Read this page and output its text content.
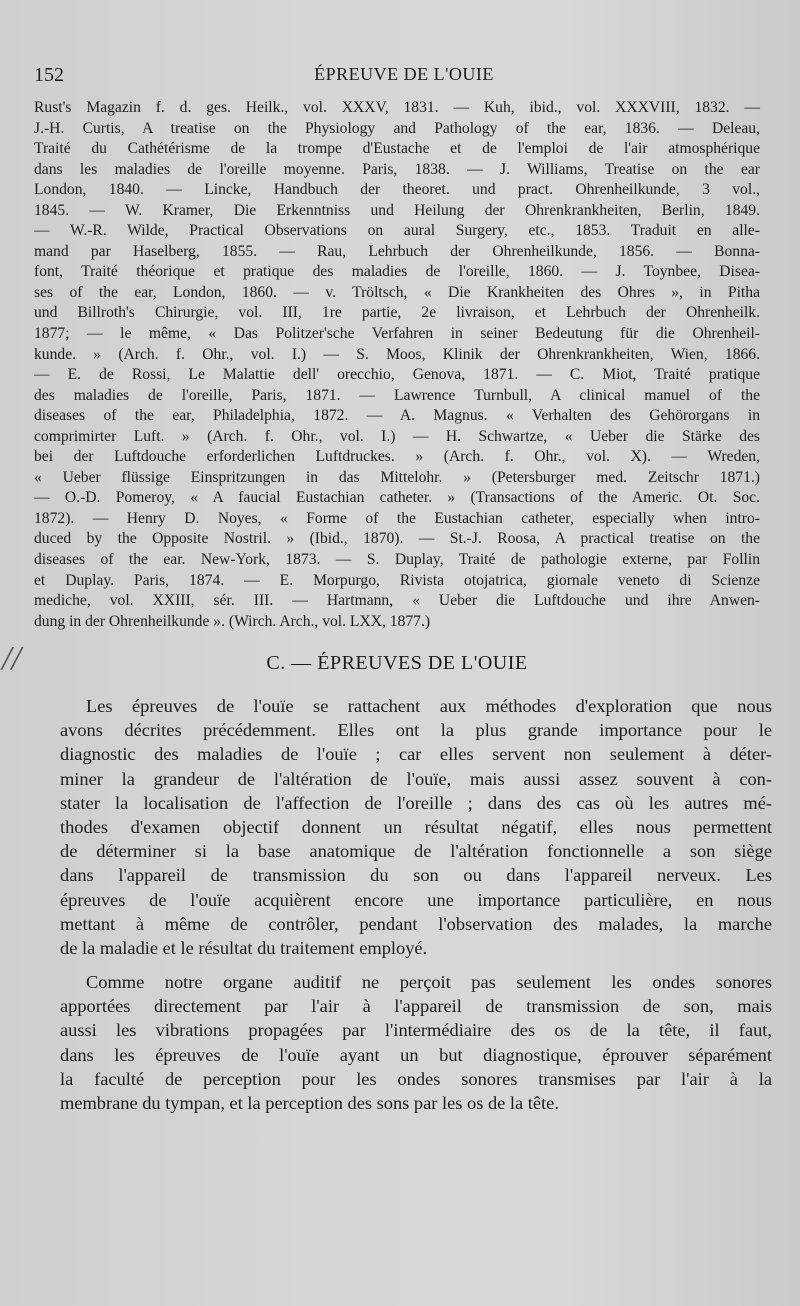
152	ÉPREUVE DE L'OUIE
Rust's Magazin f. d. ges. Heilk., vol. XXXV, 1831. — Kuh, ibid., vol. XXXVIII, 1832. —
J.-H. Curtis, A treatise on the Physiology and Pathology of the ear, 1836. — Deleau,
Traité du Cathétérisme de la trompe d'Eustache et de l'emploi de l'air atmosphérique
dans les maladies de l'oreille moyenne. Paris, 1838. — J. Williams, Treatise on the ear
London, 1840. — Lincke, Handbuch der theoret. und pract. Ohrenheilkunde, 3 vol.,
1845. — W. Kramer, Die Erkenntniss und Heilung der Ohrenkrankheiten, Berlin, 1849.
— W.-R. Wilde, Practical Observations on aural Surgery, etc., 1853. Traduit en alle-
mand par Haselberg, 1855. — Rau, Lehrbuch der Ohrenheilkunde, 1856. — Bonna-
font, Traité théorique et pratique des maladies de l'oreille, 1860. — J. Toynbee, Disea-
ses of the ear, London, 1860. — v. Tröltsch, « Die Krankheiten des Ohres », in Pitha
und Billroth's Chirurgie, vol. III, 1re partie, 2e livraison, et Lehrbuch der Ohrenheilk.
1877; — le même, « Das Politzer'sche Verfahren in seiner Bedeutung für die Ohrenheil-
kunde. » (Arch. f. Ohr., vol. I.) — S. Moos, Klinik der Ohrenkrankheiten, Wien, 1866.
— E. de Rossi, Le Malattie dell' orecchio, Genova, 1871. — C. Miot, Traité pratique
des maladies de l'oreille, Paris, 1871. — Lawrence Turnbull, A clinical manuel of the
diseases of the ear, Philadelphia, 1872. — A. Magnus. « Verhalten des Gehörorgans in
comprimirter Luft. » (Arch. f. Ohr., vol. I.) — H. Schwartze, « Ueber die Stärke des
bei der Luftdouche erforderlichen Luftdruckes. » (Arch. f. Ohr., vol. X). — Wreden,
« Ueber flüssige Einspritzungen in das Mittelohr. » (Petersburger med. Zeitschr 1871.)
— O.-D. Pomeroy, « A faucial Eustachian catheter. » (Transactions of the Americ. Ot. Soc.
1872). — Henry D. Noyes, « Forme of the Eustachian catheter, especially when intro-
duced by the Opposite Nostril. » (Ibid., 1870). — St.-J. Roosa, A practical treatise on the
diseases of the ear. New-York, 1873. — S. Duplay, Traité de pathologie externe, par Follin
et Duplay. Paris, 1874. — E. Morpurgo, Rivista otojatrica, giornale veneto di Scienze
mediche, vol. XXIII, sér. III. — Hartmann, « Ueber die Luftdouche und ihre Anwen-
dung in der Ohrenheilkunde ». (Wirch. Arch., vol. LXX, 1877.)
//	C. — ÉPREUVES DE L'OUIE
Les épreuves de l'ouïe se rattachent aux méthodes d'exploration que nous
avons décrites précédemment. Elles ont la plus grande importance pour le
diagnostic des maladies de l'ouïe ; car elles servent non seulement à déter-
miner la grandeur de l'altération de l'ouïe, mais aussi assez souvent à con-
stater la localisation de l'affection de l'oreille ; dans des cas où les autres mé-
thodes d'examen objectif donnent un résultat négatif, elles nous permettent
de déterminer si la base anatomique de l'altération fonctionnelle a son siège
dans l'appareil de transmission du son ou dans l'appareil nerveux. Les
épreuves de l'ouïe acquièrent encore une importance particulière, en nous
mettant à même de contrôler, pendant l'observation des malades, la marche
de la maladie et le résultat du traitement employé.
Comme notre organe auditif ne perçoit pas seulement les ondes sonores
apportées directement par l'air à l'appareil de transmission de son, mais
aussi les vibrations propagées par l'intermédiaire des os de la tête, il faut,
dans les épreuves de l'ouïe ayant un but diagnostique, éprouver séparément
la faculté de perception pour les ondes sonores transmises par l'air à la
membrane du tympan, et la perception des sons par les os de la tête.
